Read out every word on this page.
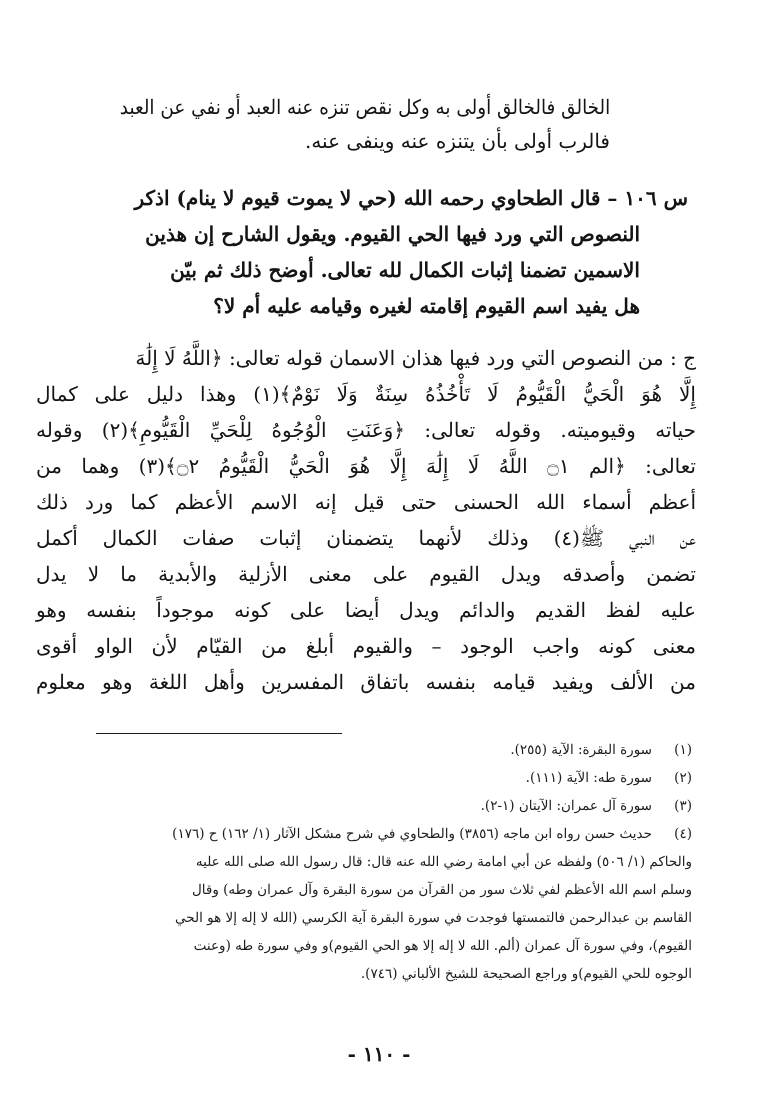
الخالق فالخالق أولى به وكل نقص تنزه عنه العبد أو نفي عن العبد
فالرب أولى بأن يتنزه عنه وينفى عنه.
س ١٠٦ – قال الطحاوي رحمه الله (حي لا يموت قيوم لا ينام) اذكر
النصوص التي ورد فيها الحي القيوم. ويقول الشارح إن هذين
الاسمين تضمنا إثبات الكمال لله تعالى. أوضح ذلك ثم بيّن
هل يفيد اسم القيوم إقامته لغيره وقيامه عليه أم لا؟
ج : من النصوص التي ورد فيها هذان الاسمان قوله تعالى: ﴿اللَّهُ لَا إِلَٰهَ
إِلَّا هُوَ الْحَيُّ الْقَيُّومُ لَا تَأْخُذُهُ سِنَةٌ وَلَا نَوْمٌ﴾(١) وهذا دليل على كمال
حياته وقيوميته. وقوله تعالى: ﴿وَعَنَتِ الْوُجُوهُ لِلْحَيِّ الْقَيُّومِ﴾(٢) وقوله
تعالى: ﴿الم ۝١ اللَّهُ لَا إِلَٰهَ إِلَّا هُوَ الْحَيُّ الْقَيُّومُ ۝٢﴾(٣) وهما من
أعظم أسماء الله الحسنى حتى قيل إنه الاسم الأعظم كما ورد ذلك
عن النبي ﷺ(٤) وذلك لأنهما يتضمنان إثبات صفات الكمال أكمل
تضمن وأصدقه ويدل القيوم على معنى الأزلية والأبدية ما لا يدل
عليه لفظ القديم والدائم ويدل أيضا على كونه موجوداً بنفسه وهو
معنى كونه واجب الوجود – والقيوم أبلغ من القيّام لأن الواو أقوى
من الألف ويفيد قيامه بنفسه باتفاق المفسرين وأهل اللغة وهو معلوم
(١)
سورة البقرة: الآية (٢٥٥).
(٢)
سورة طه: الآية (١١١).
(٣)
سورة آل عمران: الآيتان (١-٢).
(٤)
حديث حسن رواه ابن ماجه (٣٨٥٦) والطحاوي في شرح مشكل الآثار (١/ ١٦٢) ح (١٧٦)
والحاكم (١/ ٥٠٦) ولفظه عن أبي امامة رضي الله عنه قال: قال رسول الله صلى الله عليه
وسلم اسم الله الأعظم لفي ثلاث سور من القرآن من سورة البقرة وآل عمران وطه) وقال
القاسم بن عبدالرحمن فالتمستها فوجدت في سورة البقرة آية الكرسي (الله لا إله إلا هو الحي
القيوم)، وفي سورة آل عمران (ألم. الله لا إله إلا هو الحي القيوم)و وفي سورة طه (وعنت
الوجوه للحي القيوم)و وراجع الصحيحة للشيخ الألباني (٧٤٦).
- ١١٠ -
